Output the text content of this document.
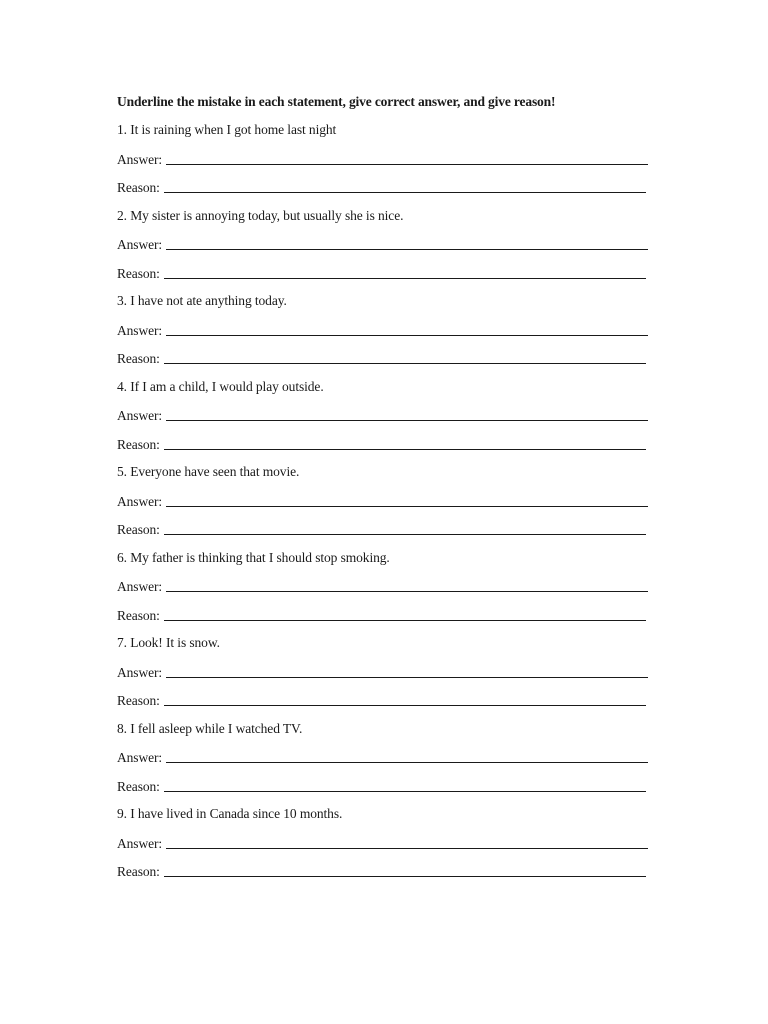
Underline the mistake in each statement, give correct answer, and give reason!
1. It is raining when I got home last night
Answer:
Reason:
2. My sister is annoying today, but usually she is nice.
Answer:
Reason:
3. I have not ate anything today.
Answer:
Reason:
4. If I am a child, I would play outside.
Answer:
Reason:
5. Everyone have seen that movie.
Answer:
Reason:
6. My father is thinking that I should stop smoking.
Answer:
Reason:
7. Look! It is snow.
Answer:
Reason:
8. I fell asleep while I watched TV.
Answer:
Reason:
9. I have lived in Canada since 10 months.
Answer:
Reason:
